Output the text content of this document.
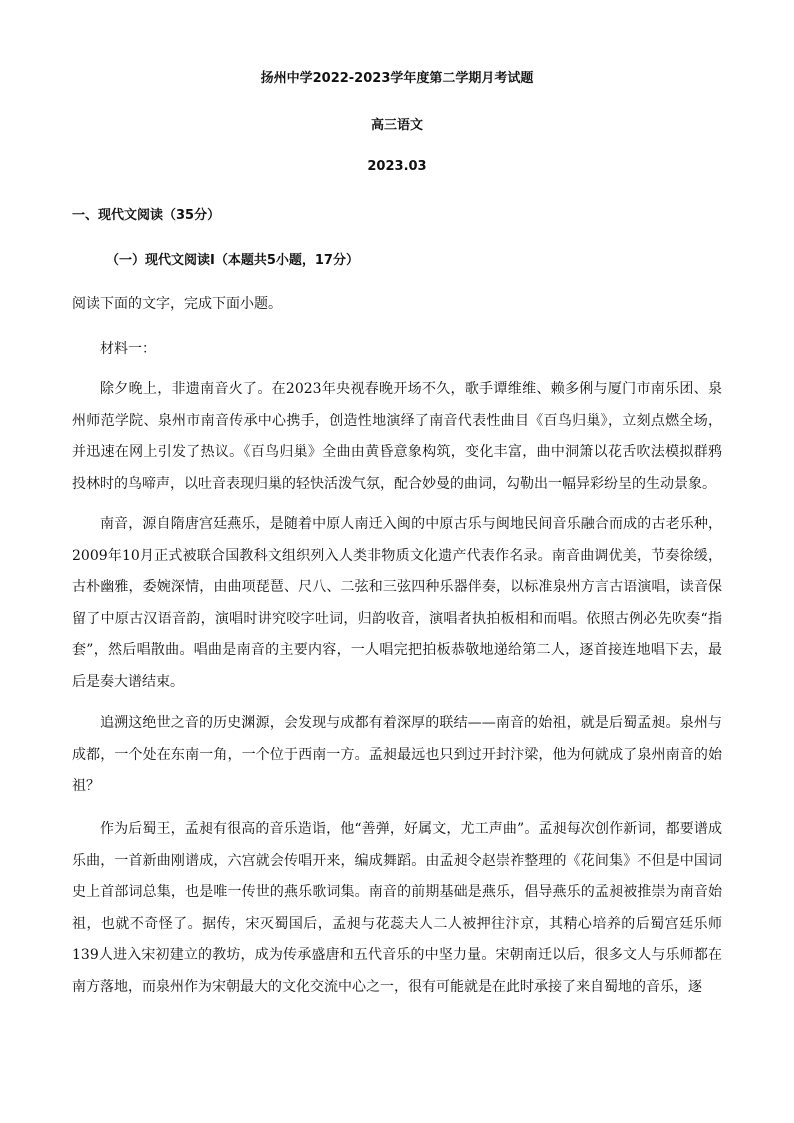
扬州中学2022-2023学年度第二学期月考试题
高三语文
2023.03
一、现代文阅读（35分）
（一）现代文阅读Ⅰ（本题共5小题，17分）
阅读下面的文字，完成下面小题。
材料一：
除夕晚上，非遗南音火了。在2023年央视春晚开场不久，歌手谭维维、赖多俐与厦门市南乐团、泉州师范学院、泉州市南音传承中心携手，创造性地演绎了南音代表性曲目《百鸟归巢》，立刻点燃全场，并迅速在网上引发了热议。《百鸟归巢》全曲由黄昏意象构筑，变化丰富，曲中洞箫以花舌吹法模拟群鸦投林时的鸟啼声，以吐音表现归巢的轻快活泼气氛，配合妙曼的曲词，勾勒出一幅异彩纷呈的生动景象。
南音，源自隋唐宫廷燕乐，是随着中原人南迁入闽的中原古乐与闽地民间音乐融合而成的古老乐种，2009年10月正式被联合国教科文组织列入人类非物质文化遗产代表作名录。南音曲调优美，节奏徐缓，古朴幽雅，委婉深情，由曲项琵琶、尺八、二弦和三弦四种乐器伴奏，以标准泉州方言古语演唱，读音保留了中原古汉语音韵，演唱时讲究咬字吐词，归韵收音，演唱者执拍板相和而唱。依照古例必先吹奏“指套”，然后唱散曲。唱曲是南音的主要内容，一人唱完把拍板恭敬地递给第二人，逐首接连地唱下去，最后是奏大谱结束。
追溯这绝世之音的历史渊源，会发现与成都有着深厚的联结——南音的始祖，就是后蜀孟昶。泉州与成都，一个处在东南一角，一个位于西南一方。孟昶最远也只到过开封汴梁，他为何就成了泉州南音的始祖？
作为后蜀王，孟昶有很高的音乐造诣，他“善弹，好属文，尤工声曲”。孟昶每次创作新词，都要谱成乐曲，一首新曲刚谱成，六宫就会传唱开来，编成舞蹈。由孟昶令赵崇祚整理的《花间集》不但是中国词史上首部词总集，也是唯一传世的燕乐歌词集。南音的前期基础是燕乐，倡导燕乐的孟昶被推崇为南音始祖，也就不奇怪了。据传，宋灭蜀国后，孟昶与花蕊夫人二人被押往汴京，其精心培养的后蜀宫廷乐师139人进入宋初建立的教坊，成为传承盛唐和五代音乐的中坚力量。宋朝南迁以后，很多文人与乐师都在南方落地，而泉州作为宋朝最大的文化交流中心之一，很有可能就是在此时承接了来自蜀地的音乐，逐
